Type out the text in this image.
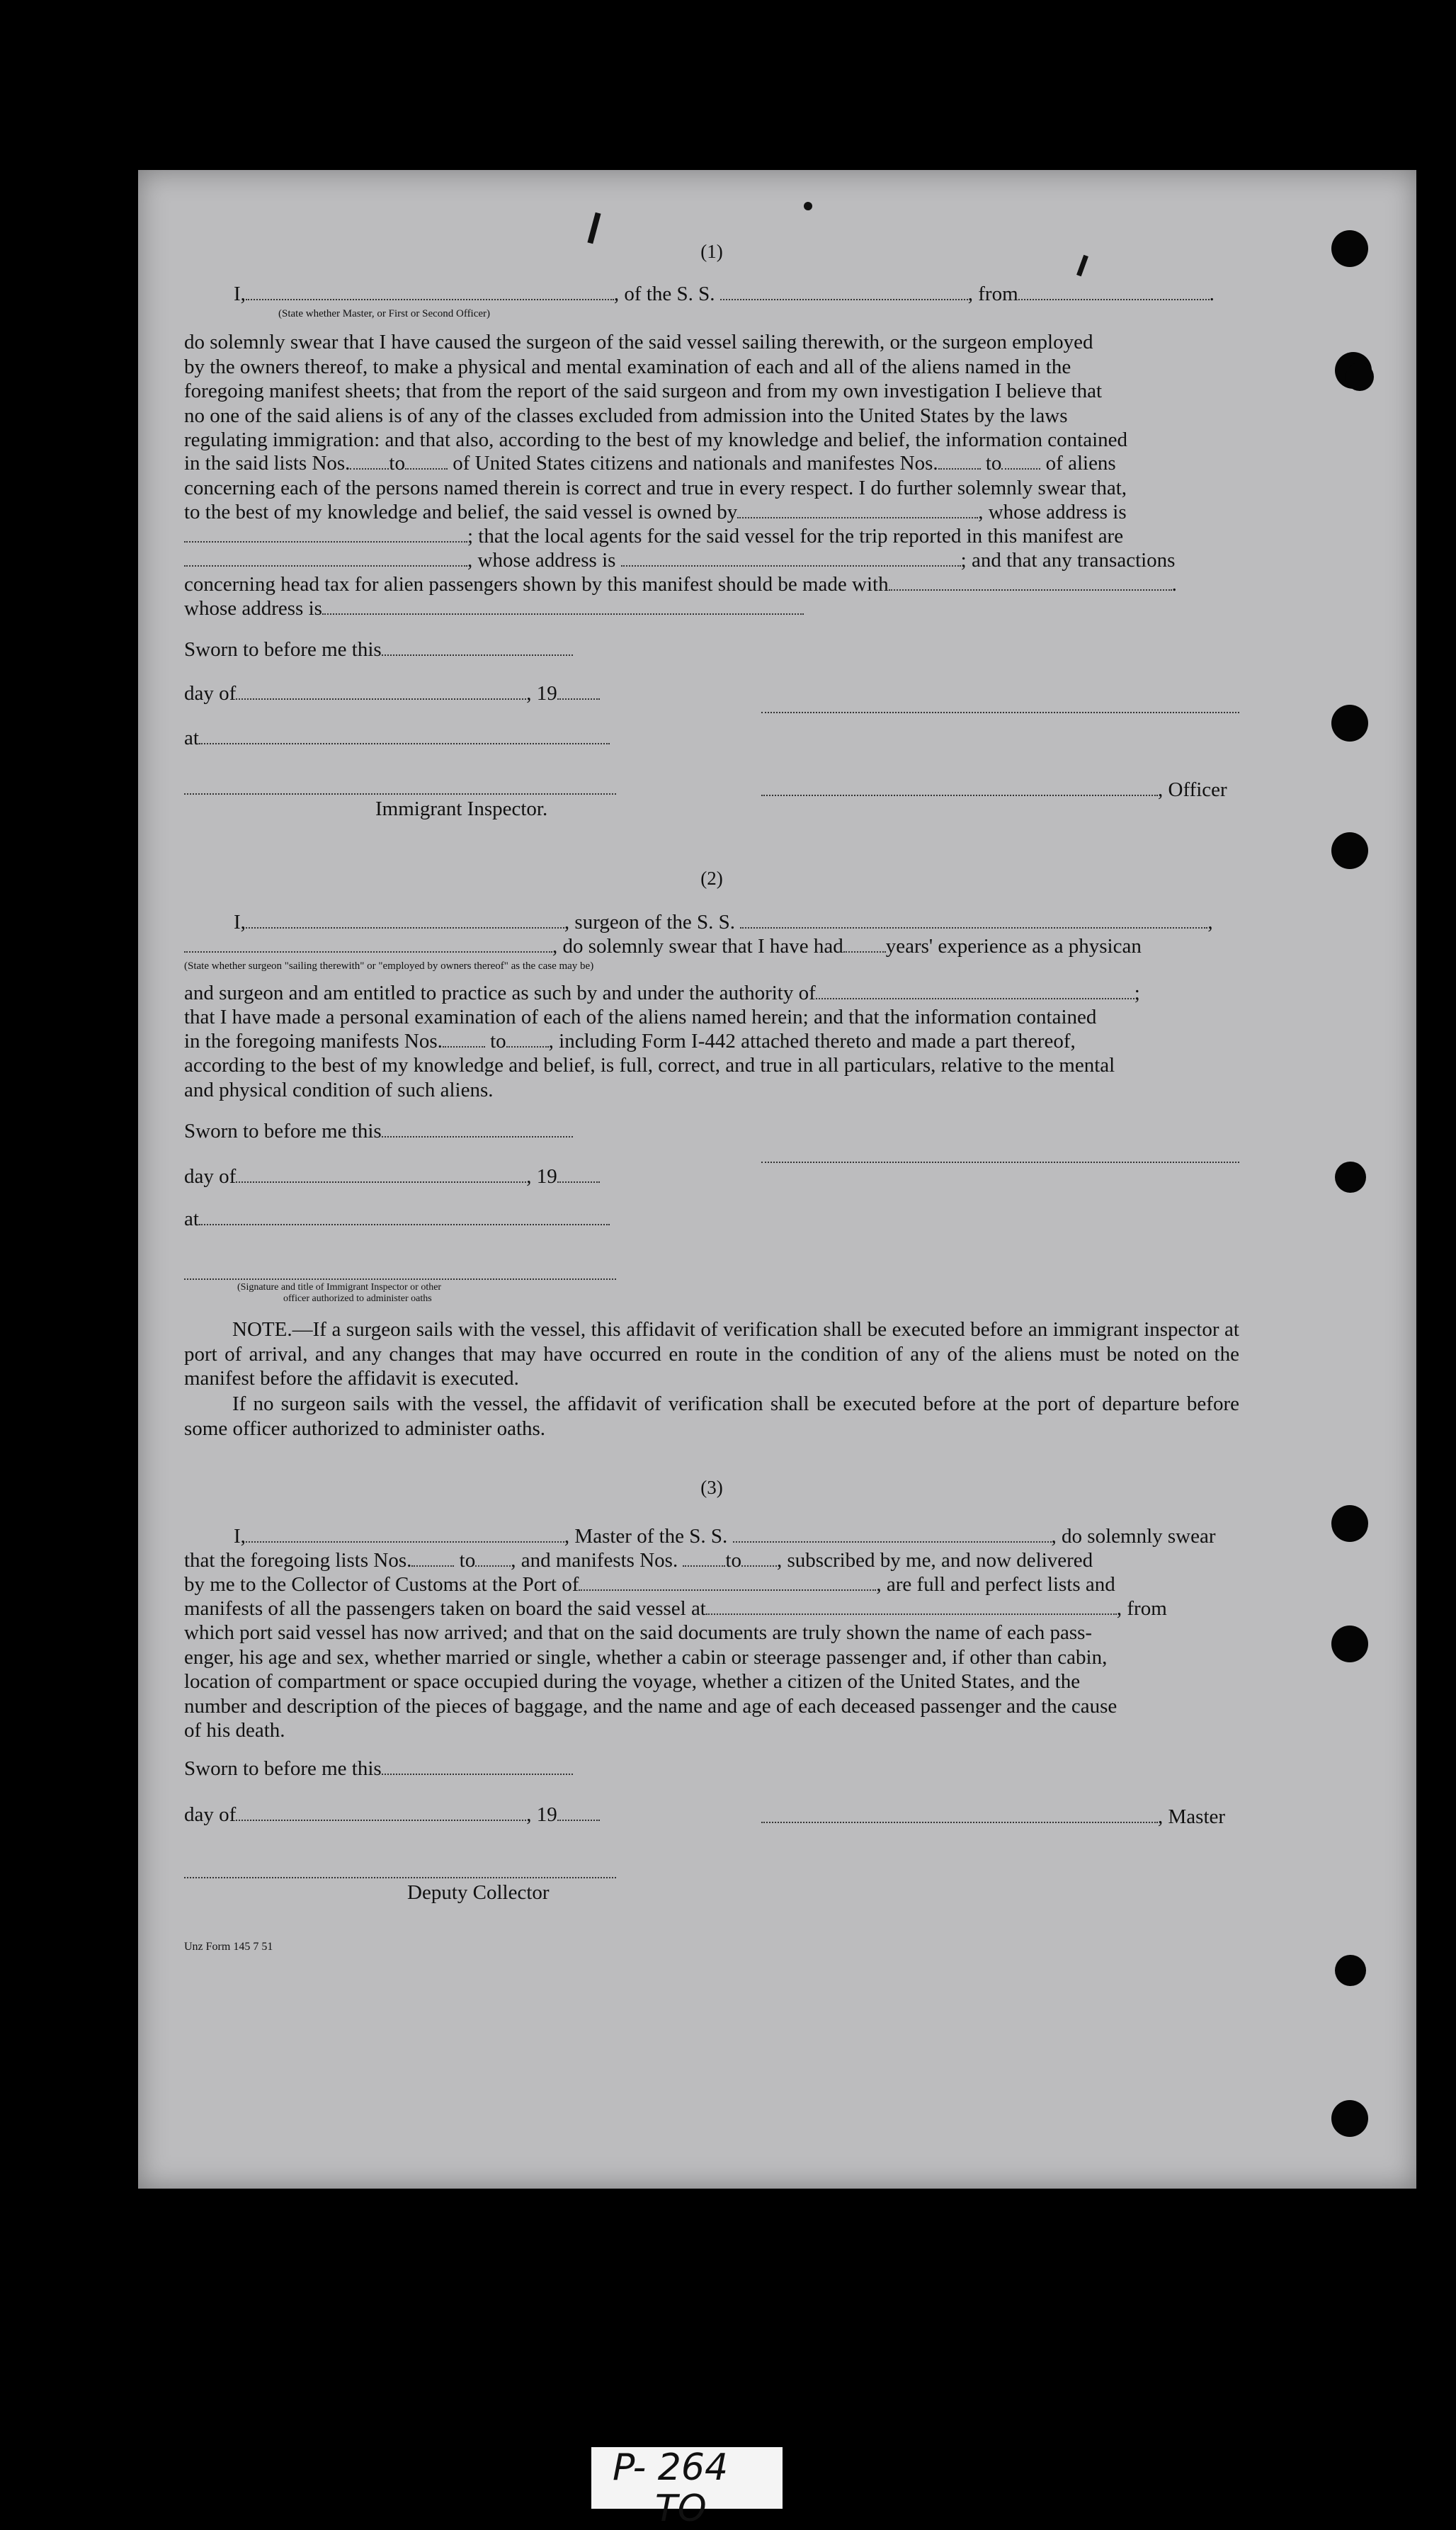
(1)
I,	, of the S. S.	, from	.
(State whether Master, or First or Second Officer)

do solemnly swear that I have caused the surgeon of the said vessel sailing therewith, or the surgeon employed

by the owners thereof, to make a physical and mental examination of each and all of the aliens named in the

foregoing manifest sheets; that from the report of the said surgeon and from my own investigation I believe that

no one of the said aliens is of any of the classes excluded from admission into the United States by the laws

regulating immigration: and that also, according to the best of my knowledge and belief, the information contained

in the said lists Nos. to of United States citizens and nationals and manifestes Nos. to of aliens

concerning each of the persons named therein is correct and true in every respect. I do further solemnly swear that,

to the best of my knowledge and belief, the said vessel is owned by	, whose address is
; that the local agents for the said vessel for the trip reported in this manifest are
, whose address is	; and that any transactions
concerning head tax for alien passengers shown by this manifest should be made with	.
whose address is
Sworn to before me this
day of	, 19
at
, Officer
Immigrant Inspector.
(2)
I,	, surgeon of the S. S.	,
, do solemnly swear that I have had years' experience as a physican
(State whether surgeon "sailing therewith" or "employed by owners thereof" as the case may be)
and surgeon and am entitled to practice as such by and under the authority of	;

that I have made a personal examination of each of the aliens named herein; and that the information contained

in the foregoing manifests Nos. to , including Form I-442 attached thereto and made a part thereof,

according to the best of my knowledge and belief, is full, correct, and true in all particulars, relative to the mental

and physical condition of such aliens.

Sworn to before me this
day of	, 19
at
(Signature and title of Immigrant Inspector or other
officer authorized to administer oaths

NOTE.—If a surgeon sails with the vessel, this affidavit of verification shall be executed before an immigrant inspector at port of arrival, and any changes that may have occurred en route in the condition of any of the aliens must be noted on the manifest before the affidavit is executed.

If no surgeon sails with the vessel, the affidavit of verification shall be executed before at the port of departure before some officer authorized to administer oaths.

(3)
I,	, Master of the S. S.	, do solemnly swear
that the foregoing lists Nos. to , and manifests Nos. to , subscribed by me, and now delivered
by me to the Collector of Customs at the Port of	, are full and perfect lists and
manifests of all the passengers taken on board the said vessel at	, from

which port said vessel has now arrived; and that on the said documents are truly shown the name of each pass-

enger, his age and sex, whether married or single, whether a cabin or steerage passenger and, if other than cabin,

location of compartment or space occupied during the voyage, whether a citizen of the United States, and the

number and description of the pieces of baggage, and the name and age of each deceased passenger and the cause

of his death.

Sworn to before me this
day of	, 19	, Master
Deputy Collector
Unz Form 145 7 51
P- 264
TO
